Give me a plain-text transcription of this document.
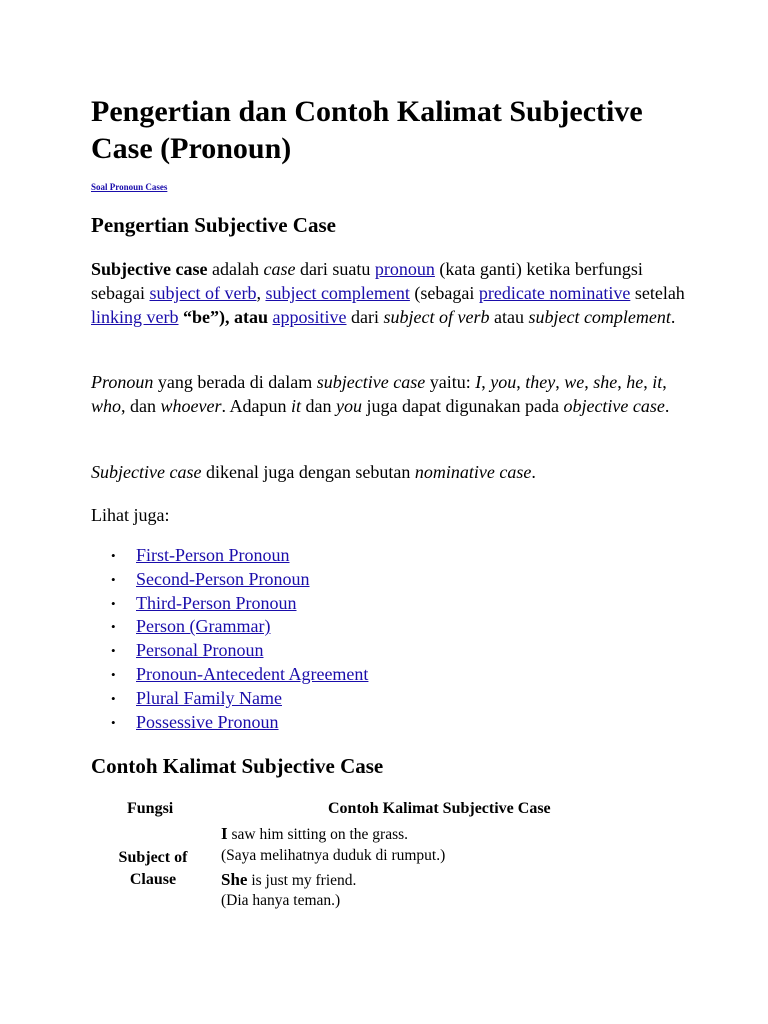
Pengertian dan Contoh Kalimat Subjective Case (Pronoun)
Soal Pronoun Cases
Pengertian Subjective Case

Subjective case adalah case dari suatu pronoun (kata ganti) ketika berfungsi sebagai subject of verb, subject complement (sebagai predicate nominative setelah linking verb “be”), atau appositive dari subject of verb atau subject complement.

Pronoun yang berada di dalam subjective case yaitu: I, you, they, we, she, he, it, who, dan whoever. Adapun it dan you juga dapat digunakan pada objective case.

Subjective case dikenal juga dengan sebutan nominative case.

Lihat juga:

• First-Person Pronoun
• Second-Person Pronoun
• Third-Person Pronoun
• Person (Grammar)
• Personal Pronoun
• Pronoun-Antecedent Agreement
• Plural Family Name
• Possessive Pronoun
Contoh Kalimat Subjective Case
Fungsi	Contoh Kalimat Subjective Case
Subject of Clause
I saw him sitting on the grass.
(Saya melihatnya duduk di rumput.)
She is just my friend.
(Dia hanya teman.)
